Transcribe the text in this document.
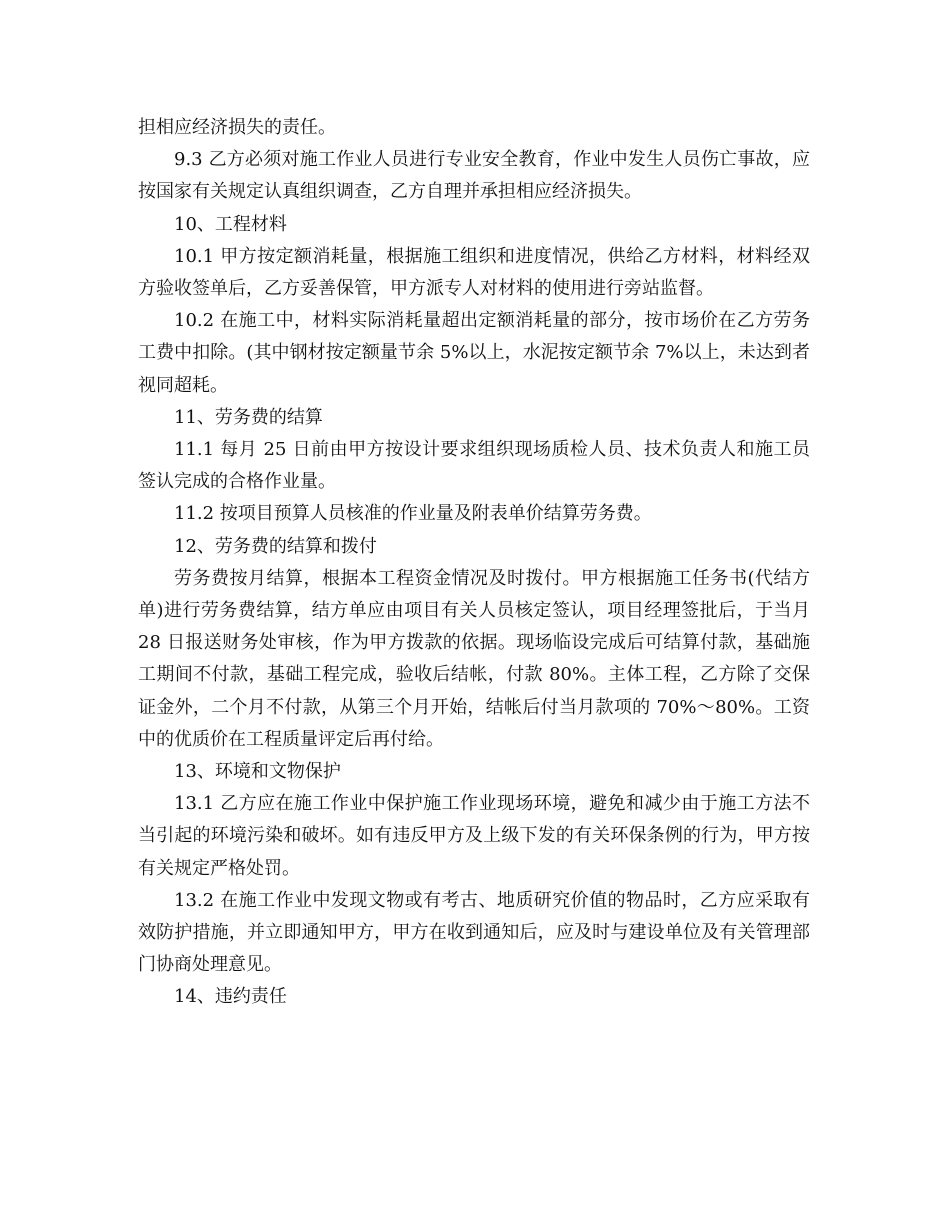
担相应经济损失的责任。

9.3 乙方必须对施工作业人员进行专业安全教育，作业中发生人员伤亡事故，应按国家有关规定认真组织调查，乙方自理并承担相应经济损失。

10、工程材料

10.1 甲方按定额消耗量，根据施工组织和进度情况，供给乙方材料，材料经双方验收签单后，乙方妥善保管，甲方派专人对材料的使用进行旁站监督。

10.2 在施工中，材料实际消耗量超出定额消耗量的部分，按市场价在乙方劳务工费中扣除。(其中钢材按定额量节余 5%以上，水泥按定额节余 7%以上，未达到者视同超耗。

11、劳务费的结算

11.1 每月 25 日前由甲方按设计要求组织现场质检人员、技术负责人和施工员签认完成的合格作业量。

11.2 按项目预算人员核准的作业量及附表单价结算劳务费。

12、劳务费的结算和拨付

劳务费按月结算，根据本工程资金情况及时拨付。甲方根据施工任务书(代结方单)进行劳务费结算，结方单应由项目有关人员核定签认，项目经理签批后，于当月 28 日报送财务处审核，作为甲方拨款的依据。现场临设完成后可结算付款，基础施工期间不付款，基础工程完成，验收后结帐，付款 80%。主体工程，乙方除了交保证金外，二个月不付款，从第三个月开始，结帐后付当月款项的 70%～80%。工资中的优质价在工程质量评定后再付给。

13、环境和文物保护

13.1 乙方应在施工作业中保护施工作业现场环境，避免和减少由于施工方法不当引起的环境污染和破坏。如有违反甲方及上级下发的有关环保条例的行为，甲方按有关规定严格处罚。

13.2 在施工作业中发现文物或有考古、地质研究价值的物品时，乙方应采取有效防护措施，并立即通知甲方，甲方在收到通知后，应及时与建设单位及有关管理部门协商处理意见。

14、违约责任
